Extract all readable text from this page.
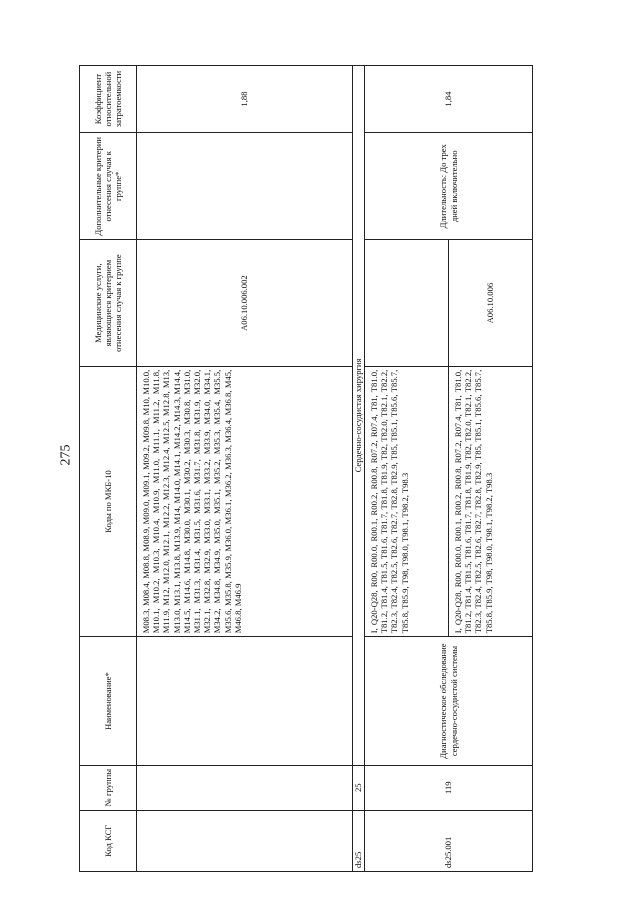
275
Код КСГ	№ группы	Наименование*	Коды по МКБ-10	Медицинские услуги, являющиеся критерием отнесения случая к группе	Дополнительные критерии отнесения случая к группе*	Коэффициент относительной затратоемкости
			M08.3, M08.4, M08.8, M08.9, M09.0, M09.1, M09.2, M09.8, M10, M10.0, M10.1, M10.2, M10.3, M10.4, M10.9, M11.0, M11.1, M11.2, M11.8, M11.9, M12, M12.0, M12.1, M12.2, M12.3, M12.4, M12.5, M12.8, M13, M13.0, M13.1, M13.8, M13.9, M14, M14.0, M14.1, M14.2, M14.3, M14.4, M14.5, M14.6, M14.8, M30.0, M30.1, M30.2, M30.3, M30.8, M31.0, M31.1, M31.3, M31.4, M31.5, M31.6, M31.7, M31.8, M31.9, M32.0, M32.1, M32.8, M32.9, M33.0, M33.1, M33.2, M33.9, M34.0, M34.1, M34.2, M34.8, M34.9, M35.0, M35.1, M35.2, M35.3, M35.4, M35.5, M35.6, M35.8, M35.9, M36.0, M36.1, M36.2, M36.3, M36.4, M36.8, M45, M46.8, M46.9	A06.10.006.002		1,88
ds25	25	Сердечно-сосудистая хирургия				
ds25.001	119	Диагностическое обследование сердечно-сосудистой системы	I, Q20-Q28, R00, R00.0, R00.1, R00.2, R00.8, R07.2, R07.4, T81, T81.0, T81.2, T81.4, T81.5, T81.6, T81.7, T81.8, T81.9, T82, T82.0, T82.1, T82.2, T82.3, T82.4, T82.5, T82.6, T82.7, T82.8, T82.9, T85, T85.1, T85.6, T85.7, T85.8, T85.9, T98, T98.0, T98.1, T98.2, T98.3		Длительность: До трех дней включительно	1,84
			I, Q20-Q28, R00, R00.0, R00.1, R00.2, R00.8, R07.2, R07.4, T81, T81.0, T81.2, T81.4, T81.5, T81.6, T81.7, T81.8, T81.9, T82, T82.0, T82.1, T82.2, T82.3, T82.4, T82.5, T82.6, T82.7, T82.8, T82.9, T85, T85.1, T85.6, T85.7, T85.8, T85.9, T98, T98.0, T98.1, T98.2, T98.3	A06.10.006		
